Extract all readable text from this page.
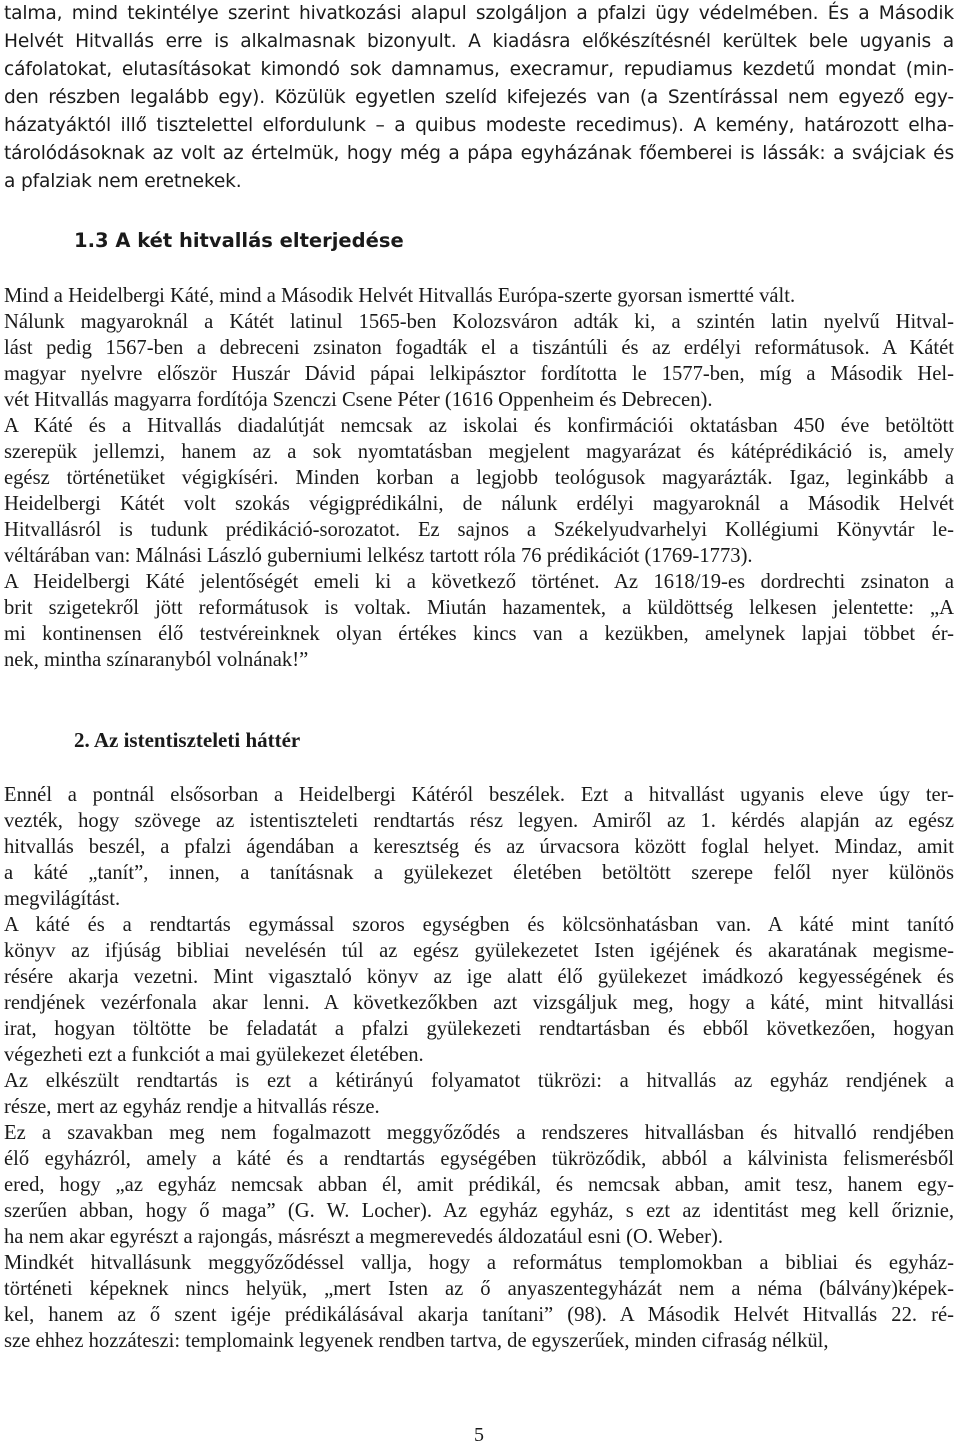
talma, mind tekintélye szerint hivatkozási alapul szolgáljon a pfalzi ügy védelmében. És a Második
Helvét Hitvallás erre is alkalmasnak bizonyult. A kiadásra előkészítésnél kerültek bele ugyanis a
cáfolatokat, elutasításokat kimondó sok damnamus, execramur, repudiamus kezdetű mondat (min-
den részben legalább egy). Közülük egyetlen szelíd kifejezés van (a Szentírással nem egyező egy-
házatyáktól illő tisztelettel elfordulunk – a quibus modeste recedimus). A kemény, határozott elha-
tárolódásoknak az volt az értelmük, hogy még a pápa egyházának főemberei is lássák: a svájciak és
a pfalziak nem eretnekek.
1.3 A két hitvallás elterjedése
Mind a Heidelbergi Káté, mind a Második Helvét Hitvallás Európa-szerte gyorsan ismertté vált.
Nálunk magyaroknál a Kátét latinul 1565-ben Kolozsváron adták ki, a szintén latin nyelvű Hitval-
lást pedig 1567-ben a debreceni zsinaton fogadták el a tiszántúli és az erdélyi reformátusok. A Kátét
magyar nyelvre először Huszár Dávid pápai lelkipásztor fordította le 1577-ben, míg a Második Hel-
vét Hitvallás magyarra fordítója Szenczi Csene Péter (1616 Oppenheim és Debrecen).
A Káté és a Hitvallás diadalútját nemcsak az iskolai és konfirmációi oktatásban 450 éve betöltött
szerepük jellemzi, hanem az a sok nyomtatásban megjelent magyarázat és kátéprédikáció is, amely
egész történetüket végigkíséri. Minden korban a legjobb teológusok magyarázták. Igaz, leginkább a
Heidelbergi Kátét volt szokás végigprédikálni, de nálunk erdélyi magyaroknál a Második Helvét
Hitvallásról is tudunk prédikáció-sorozatot. Ez sajnos a Székelyudvarhelyi Kollégiumi Könyvtár le-
véltárában van: Málnási László guberniumi lelkész tartott róla 76 prédikációt (1769-1773).
A Heidelbergi Káté jelentőségét emeli ki a következő történet. Az 1618/19-es dordrechti zsinaton a
brit szigetekről jött reformátusok is voltak. Miután hazamentek, a küldöttség lelkesen jelentette: „A
mi kontinensen élő testvéreinknek olyan értékes kincs van a kezükben, amelynek lapjai többet ér-
nek, mintha színaranyból volnának!”
2. Az istentiszteleti háttér
Ennél a pontnál elsősorban a Heidelbergi Kátéról beszélek. Ezt a hitvallást ugyanis eleve úgy ter-
vezték, hogy szövege az istentiszteleti rendtartás rész legyen. Amiről az 1. kérdés alapján az egész
hitvallás beszél, a pfalzi ágendában a keresztség és az úrvacsora között foglal helyet. Mindaz, amit
a káté „tanít”, innen, a tanításnak a gyülekezet életében betöltött szerepe felől nyer különös
megvilágítást.
A káté és a rendtartás egymással szoros egységben és kölcsönhatásban van. A káté mint tanító
könyv az ifjúság bibliai nevelésén túl az egész gyülekezetet Isten igéjének és akaratának megisme-
résére akarja vezetni. Mint vigasztaló könyv az ige alatt élő gyülekezet imádkozó kegyességének és
rendjének vezérfonala akar lenni. A következőkben azt vizsgáljuk meg, hogy a káté, mint hitvallási
irat, hogyan töltötte be feladatát a pfalzi gyülekezeti rendtartásban és ebből következően, hogyan
végezheti ezt a funkciót a mai gyülekezet életében.
Az elkészült rendtartás is ezt a kétirányú folyamatot tükrözi: a hitvallás az egyház rendjének a
része, mert az egyház rendje a hitvallás része.
Ez a szavakban meg nem fogalmazott meggyőződés a rendszeres hitvallásban és hitvalló rendjében
élő egyházról, amely a káté és a rendtartás egységében tükröződik, abból a kálvinista felismerésből
ered, hogy „az egyház nemcsak abban él, amit prédikál, és nemcsak abban, amit tesz, hanem egy-
szerűen abban, hogy ő maga” (G. W. Locher). Az egyház egyház, s ezt az identitást meg kell őriznie,
ha nem akar egyrészt a rajongás, másrészt a megmerevedés áldozatául esni (O. Weber).
Mindkét hitvallásunk meggyőződéssel vallja, hogy a református templomokban a bibliai és egyház-
történeti képeknek nincs helyük, „mert Isten az ő anyaszentegyházát nem a néma (bálvány)képek-
kel, hanem az ő szent igéje prédikálásával akarja tanítani” (98). A Második Helvét Hitvallás 22. ré-
sze ehhez hozzáteszi: templomaink legyenek rendben tartva, de egyszerűek, minden cifraság nélkül,
5
